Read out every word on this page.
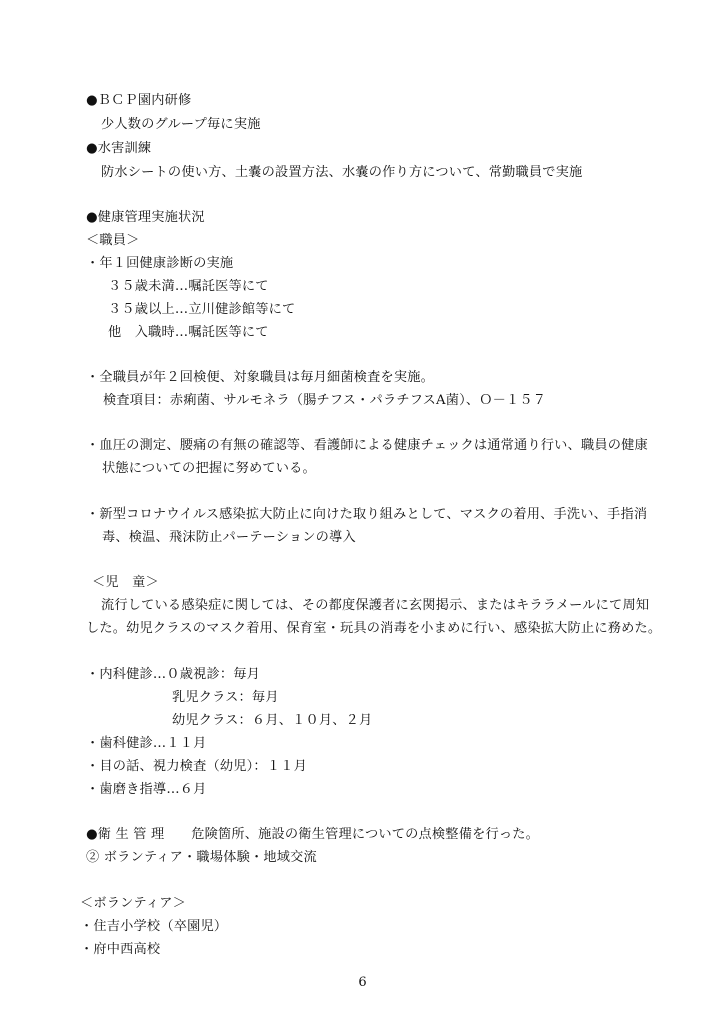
●ＢＣＰ園内研修
少人数のグループ毎に実施
●水害訓練
防水シートの使い方、土嚢の設置方法、水嚢の作り方について、常勤職員で実施
●健康管理実施状況
＜職員＞
・年１回健康診断の実施
３５歳未満…嘱託医等にて
３５歳以上…立川健診館等にて
他　入職時…嘱託医等にて
・全職員が年２回検便、対象職員は毎月細菌検査を実施。
検査項目：赤痢菌、サルモネラ（腸チフス・パラチフスA菌）、Ｏ－１５７
・血圧の測定、腰痛の有無の確認等、看護師による健康チェックは通常通り行い、職員の健康
状態についての把握に努めている。
・新型コロナウイルス感染拡大防止に向けた取り組みとして、マスクの着用、手洗い、手指消
毒、検温、飛沫防止パーテーションの導入
＜児　童＞
流行している感染症に関しては、その都度保護者に玄関掲示、またはキララメールにて周知
した。幼児クラスのマスク着用、保育室・玩具の消毒を小まめに行い、感染拡大防止に務めた。
・内科健診…０歳視診：毎月
乳児クラス：毎月
幼児クラス：６月、１０月、２月
・歯科健診…１１月
・目の話、視力検査（幼児）：１１月
・歯磨き指導…６月
●衛 生 管 理　　危険箇所、施設の衛生管理についての点検整備を行った。
② ボランティア・職場体験・地域交流
＜ボランティア＞
・住吉小学校（卒園児）
・府中西高校
6
